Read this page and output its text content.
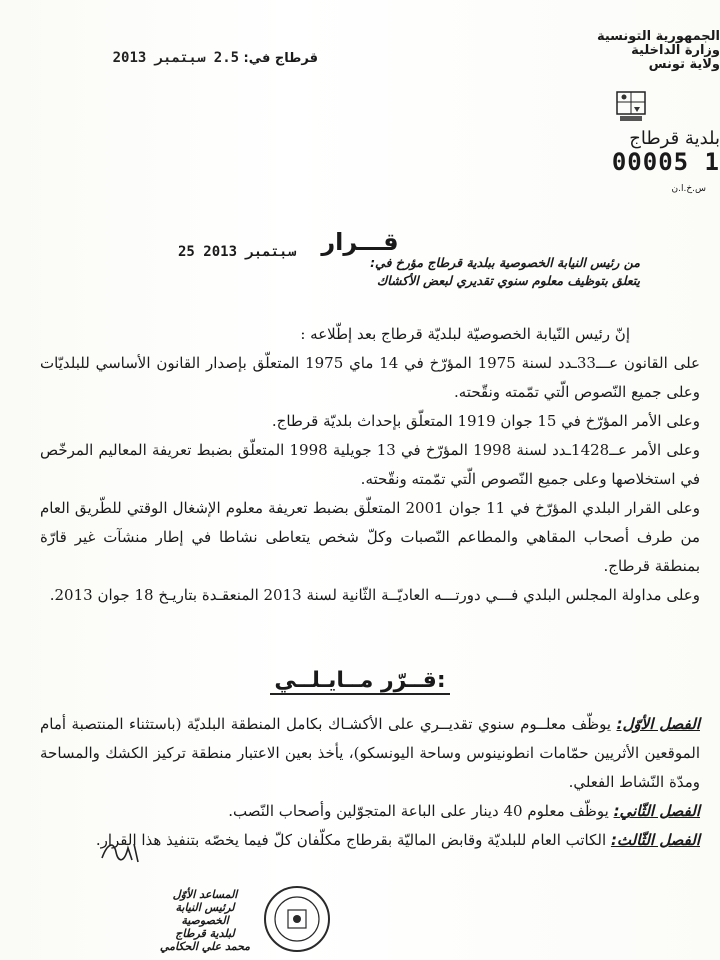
الجمهورية التونسية
وزارة الداخلية
ولاية تونس
بلدية قرطاج
00005 1
س.خ.ا.ن
قرطاج في: 2.5 سبتمبر 2013
قـــرار
من رئيس النيابة الخصوصية ببلدية قرطاج مؤرخ في:
يتعلق بتوظيف معلوم سنوي تقديري لبعض الأكشاك
25 سبتمبر 2013

إنّ رئيس النّيابة الخصوصيّة لبلديّة قرطاج بعد إطّلاعه :

على القانون عـــ33ـدد لسنة 1975 المؤرّخ في 14 ماي 1975 المتعلّق بإصدار القانون الأساسي للبلديّات وعلى جميع النّصوص الّتي تمّمته ونقّحته.

وعلى الأمر المؤرّخ في 15 جوان 1919 المتعلّق بإحداث بلديّة قرطاج.

وعلى الأمر عــ1428ـدد لسنة 1998 المؤرّخ في 13 جويلية 1998 المتعلّق بضبط تعريفة المعاليم المرخّص في استخلاصها وعلى جميع النّصوص الّتي تمّمته ونقّحته.

وعلى القرار البلدي المؤرّخ في 11 جوان 2001 المتعلّق بضبط تعريفة معلوم الإشغال الوقتي للطّريق العام من طرف أصحاب المقاهي والمطاعم النّصبات وكلّ شخص يتعاطى نشاطا في إطار منشآت غير قارّة بمنطقة قرطاج.

وعلى مداولة المجلس البلدي فـــي دورتـــه العاديّــة الثّانية لسنة 2013 المنعقـدة بتاريـخ 18 جوان 2013.

قــرّر مــايـلــي:

الفصل الأوّل: يوظّف معلــوم سنوي تقديــري على الأكشـاك بكامل المنطقة البلديّة (باستثناء المنتصبة أمام الموقعين الأثريين حمّامات انطونينوس وساحة اليونسكو)، يأخذ بعين الاعتبار منطقة تركيز الكشك والمساحة ومدّة النّشاط الفعلي.

الفصل الثّاني: يوظّف معلوم 40 دينار على الباعة المتجوّلين وأصحاب النّصب.

الفصل الثّالث: الكاتب العام للبلديّة وقابض الماليّة بقرطاج مكلّفان كلّ فيما يخصّه بتنفيذ هذا القرار.

المساعد الأوّل
لرئيس النيابة الخصوصية
لبلدية قرطاج
محمد علي الحكامي
